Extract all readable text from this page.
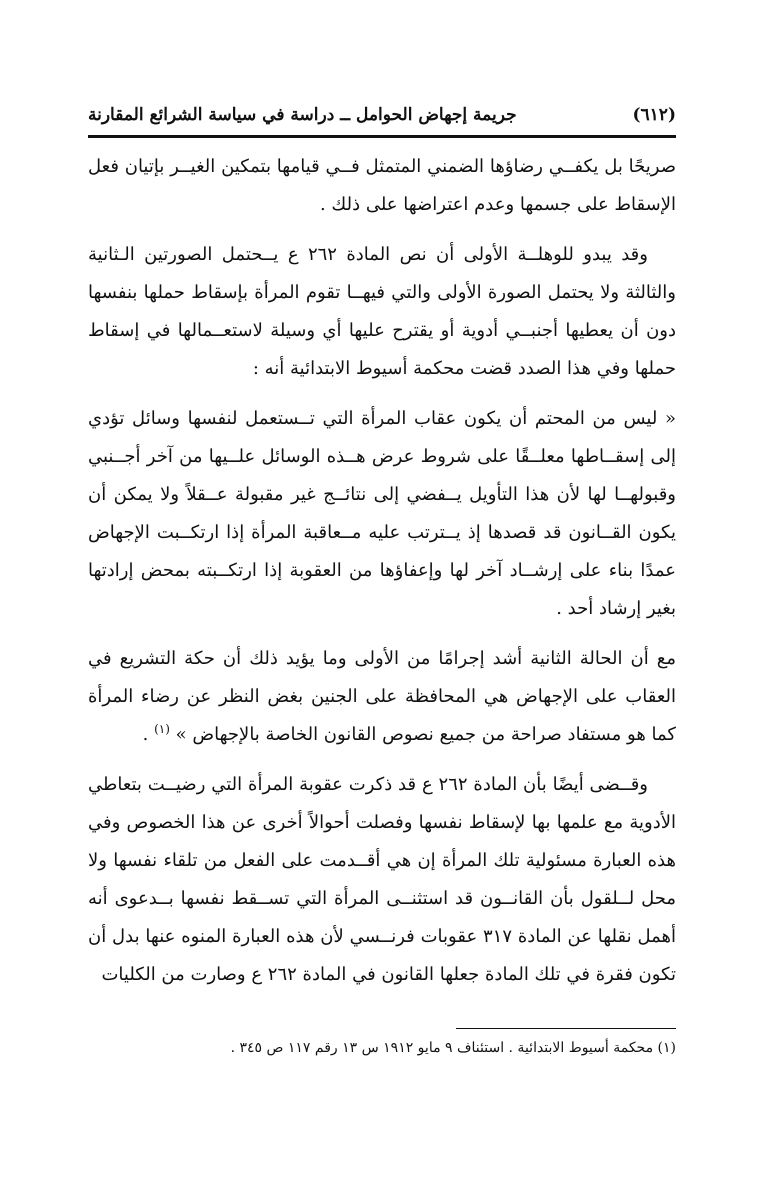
(٦١٢)
جريمة إجهاض الحوامل ــ دراسة في سياسة الشرائع المقارنة

صريحًا بل يكفــي رضاؤها الضمني المتمثل فــي قيامها بتمكين الغيــر بإتيان فعل الإسقاط على جسمها وعدم اعتراضها على ذلك .

وقد يبدو للوهلــة الأولى أن نص المادة ٢٦٢ ع يــحتمل الصورتين الـثانية والثالثة ولا يحتمل الصورة الأولى والتي فيهــا تقوم المرأة بإسقاط حملها بنفسها دون أن يعطيها أجنبــي أدوية أو يقترح عليها أي وسيلة لاستعــمالها في إسقاط حملها وفي هذا الصدد قضت محكمة أسيوط الابتدائية أنه :

« ليس من المحتم أن يكون عقاب المرأة التي تــستعمل لنفسها وسائل تؤدي إلى إسقــاطها معلــقًا على شروط عرض هــذه الوسائل علــيها من آخر أجــنبي وقبولهــا لها لأن هذا التأويل يــفضي إلى نتائــج غير مقبولة عــقلاً ولا يمكن أن يكون القــانون قد قصدها إذ يــترتب عليه مــعاقبة المرأة إذا ارتكــبت الإجهاض عمدًا بناء على إرشــاد آخر لها وإعفاؤها من العقوبة إذا ارتكــبته بمحض إرادتها بغير إرشاد أحد .

مع أن الحالة الثانية أشد إجرامًا من الأولى وما يؤيد ذلك أن حكة التشريع في العقاب على الإجهاض هي المحافظة على الجنين بغض النظر عن رضاء المرأة كما هو مستفاد صراحة من جميع نصوص القانون الخاصة بالإجهاض » $^{(١)}$ .

وقــضى أيضًا بأن المادة ٢٦٢ ع قد ذكرت عقوبة المرأة التي رضيــت بتعاطي الأدوية مع علمها بها لإسقاط نفسها وفصلت أحوالاً أخرى عن هذا الخصوص وفي هذه العبارة مسئولية تلك المرأة إن هي أقــدمت على الفعل من تلقاء نفسها ولا محل لــلقول بأن القانــون قد استثنــى المرأة التي تســقط نفسها بــدعوى أنه أهمل نقلها عن المادة ٣١٧ عقوبات فرنــسي لأن هذه العبارة المنوه عنها بدل أن تكون فقرة في تلك المادة جعلها القانون في المادة ٢٦٢ ع وصارت من الكليات

(١) محكمة أسيوط الابتدائية . استئناف ٩ مايو ١٩١٢ س ١٣ رقم ١١٧ ص ٣٤٥ .
